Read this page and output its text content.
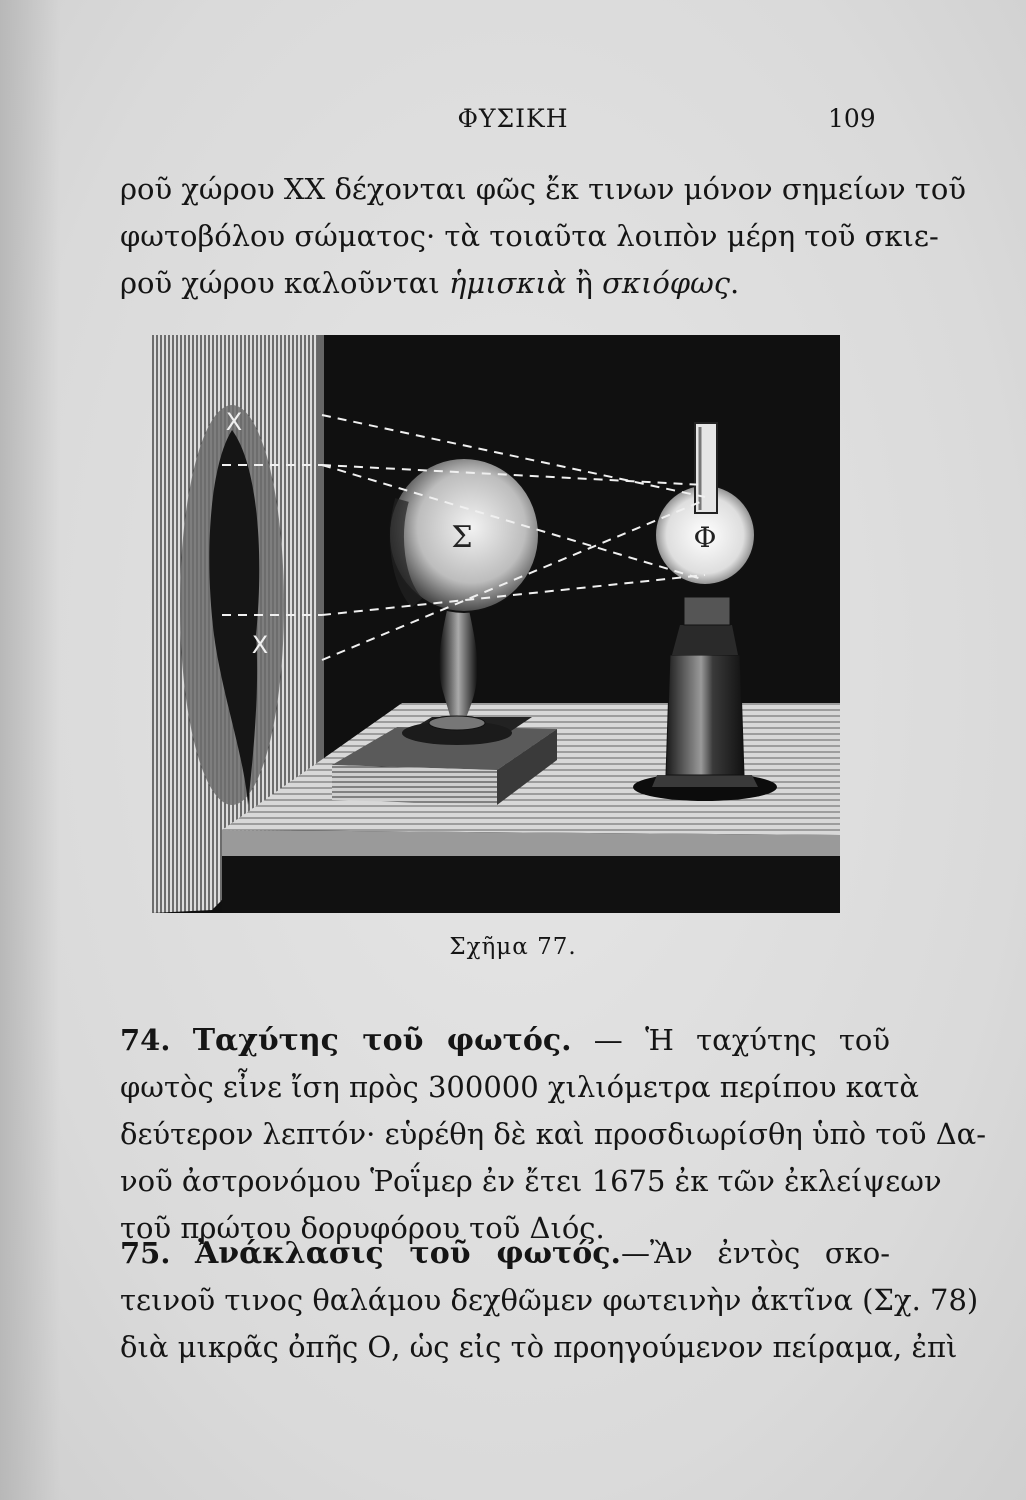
ΦΥΣΙΚΗ	109
ροῦ χώρου ΧΧ δέχονται φῶς ἔκ τινων μόνον σημείων τοῦ
φωτοβόλου σώματος· τὰ τοιαῦτα λοιπὸν μέρη τοῦ σκιε-
ροῦ χώρου καλοῦνται ἡμισκιὰ ἢ σκιόφως.
Σ	Φ
X
X
Σχῆμα 77.
74. Ταχύτης τοῦ φωτός. — Ἡ ταχύτης τοῦ
φωτὸς εἶνε ἴση πρὸς 300000 χιλιόμετρα περίπου κατὰ
δεύτερον λεπτόν· εὑρέθη δὲ καὶ προσδιωρίσθη ὑπὸ τοῦ Δα-
νοῦ ἀστρονόμου Ῥοΐμερ ἐν ἔτει 1675 ἐκ τῶν ἐκλείψεων
τοῦ πρώτου δορυφόρου τοῦ Διός.
75. Ἀνάκλασις τοῦ φωτός.—Ἂν ἐντὸς σκο-
τεινοῦ τινος θαλάμου δεχθῶμεν φωτεινὴν ἀκτῖνα (Σχ. 78)
διὰ μικρᾶς ὀπῆς Ο, ὡς εἰς τὸ προηγούμενον πείραμα, ἐπὶ
